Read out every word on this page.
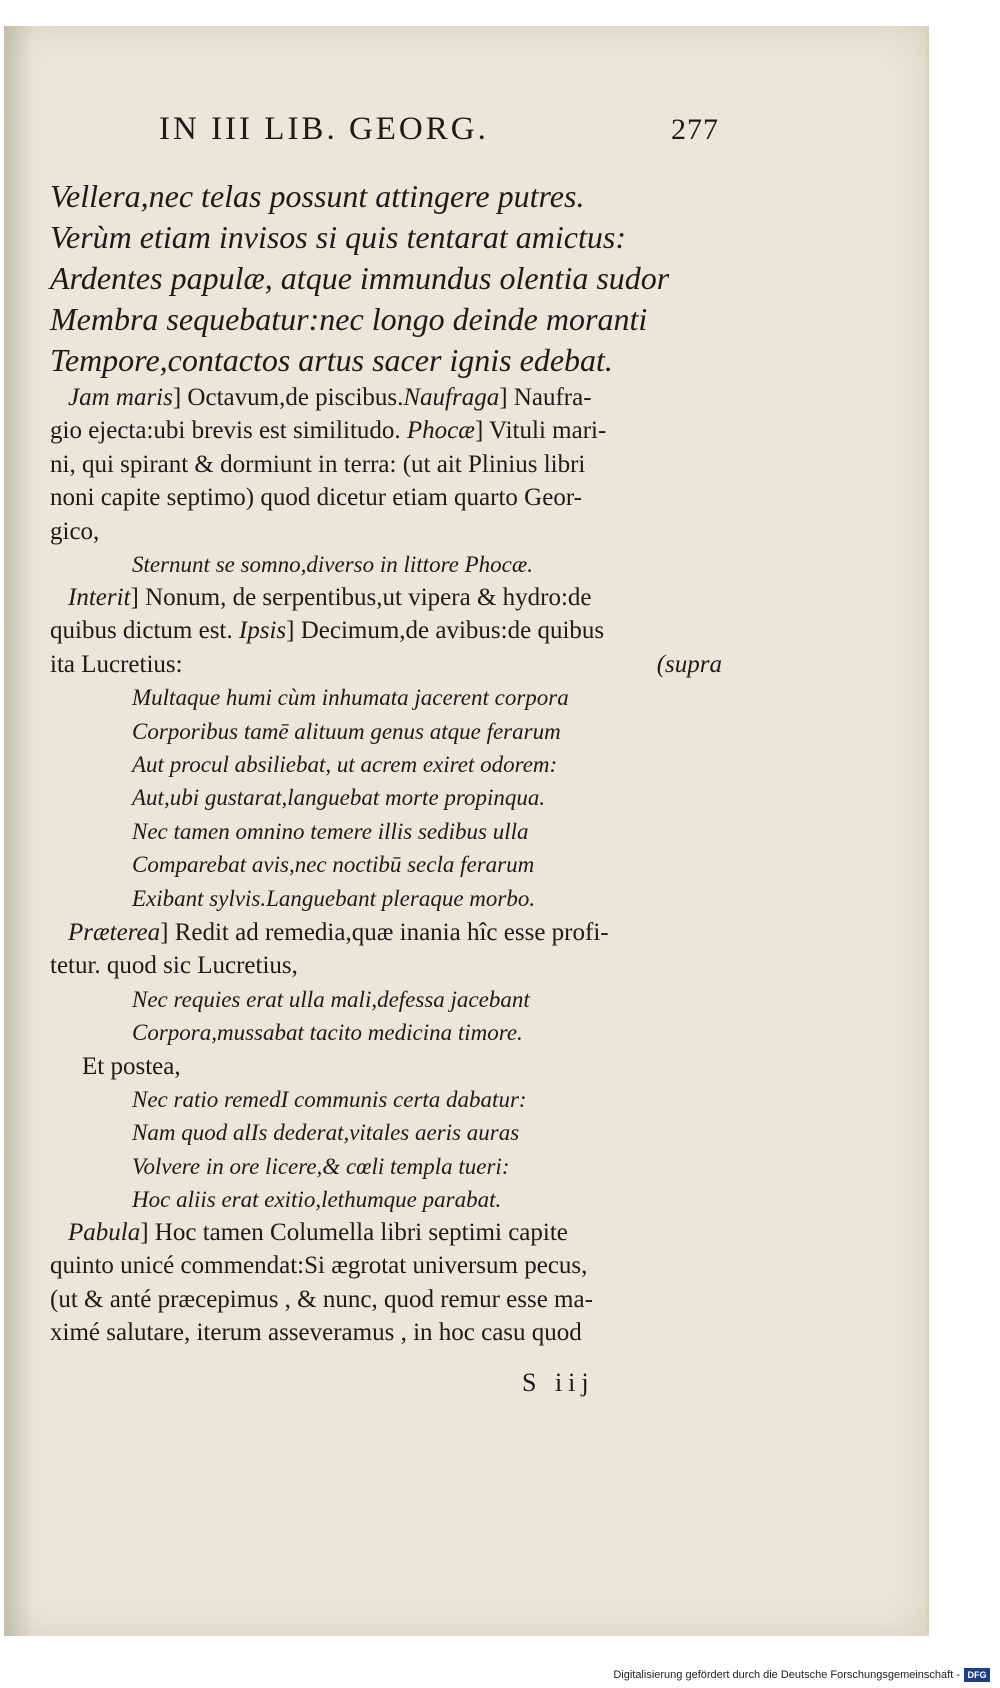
IN III LIB. GEORG.	277
Vellera,nec telas possunt attingere putres.
Verùm etiam invisos si quis tentarat amictus:
Ardentes papulæ, atque immundus olentia sudor
Membra sequebatur:nec longo deinde moranti
Tempore,contactos artus sacer ignis edebat.
Jam maris] Octavum,de piscibus.Naufraga] Naufra-
gio ejecta:ubi brevis est similitudo. Phocæ] Vituli mari-
ni, qui spirant & dormiunt in terra: (ut ait Plinius libri
noni capite septimo) quod dicetur etiam quarto Geor-
gico,
Sternunt se somno,diverso in littore Phocæ.
Interit] Nonum, de serpentibus,ut vipera & hydro:de
quibus dictum est. Ipsis] Decimum,de avibus:de quibus
ita Lucretius:	(supra
Multaque humi cùm inhumata jacerent corpora
Corporibus tamē alituum genus atque ferarum
Aut procul absiliebat, ut acrem exiret odorem:
Aut,ubi gustarat,languebat morte propinqua.
Nec tamen omnino temere illis sedibus ulla
Comparebat avis,nec noctibū secla ferarum
Exibant sylvis.Languebant pleraque morbo.
Præterea] Redit ad remedia,quæ inania hîc esse profi-
tetur. quod sic Lucretius,
Nec requies erat ulla mali,defessa jacebant
Corpora,mussabat tacito medicina timore.
Et postea,
Nec ratio remedI communis certa dabatur:
Nam quod alIs dederat,vitales aeris auras
Volvere in ore licere,& cœli templa tueri:
Hoc aliis erat exitio,lethumque parabat.
Pabula] Hoc tamen Columella libri septimi capite
quinto unicé commendat:Si ægrotat universum pecus,
(ut & anté præcepimus , & nunc, quod remur esse ma-
ximé salutare, iterum asseveramus , in hoc casu quod
S iij
Digitalisierung gefördert durch die Deutsche Forschungsgemeinschaft - DFG
